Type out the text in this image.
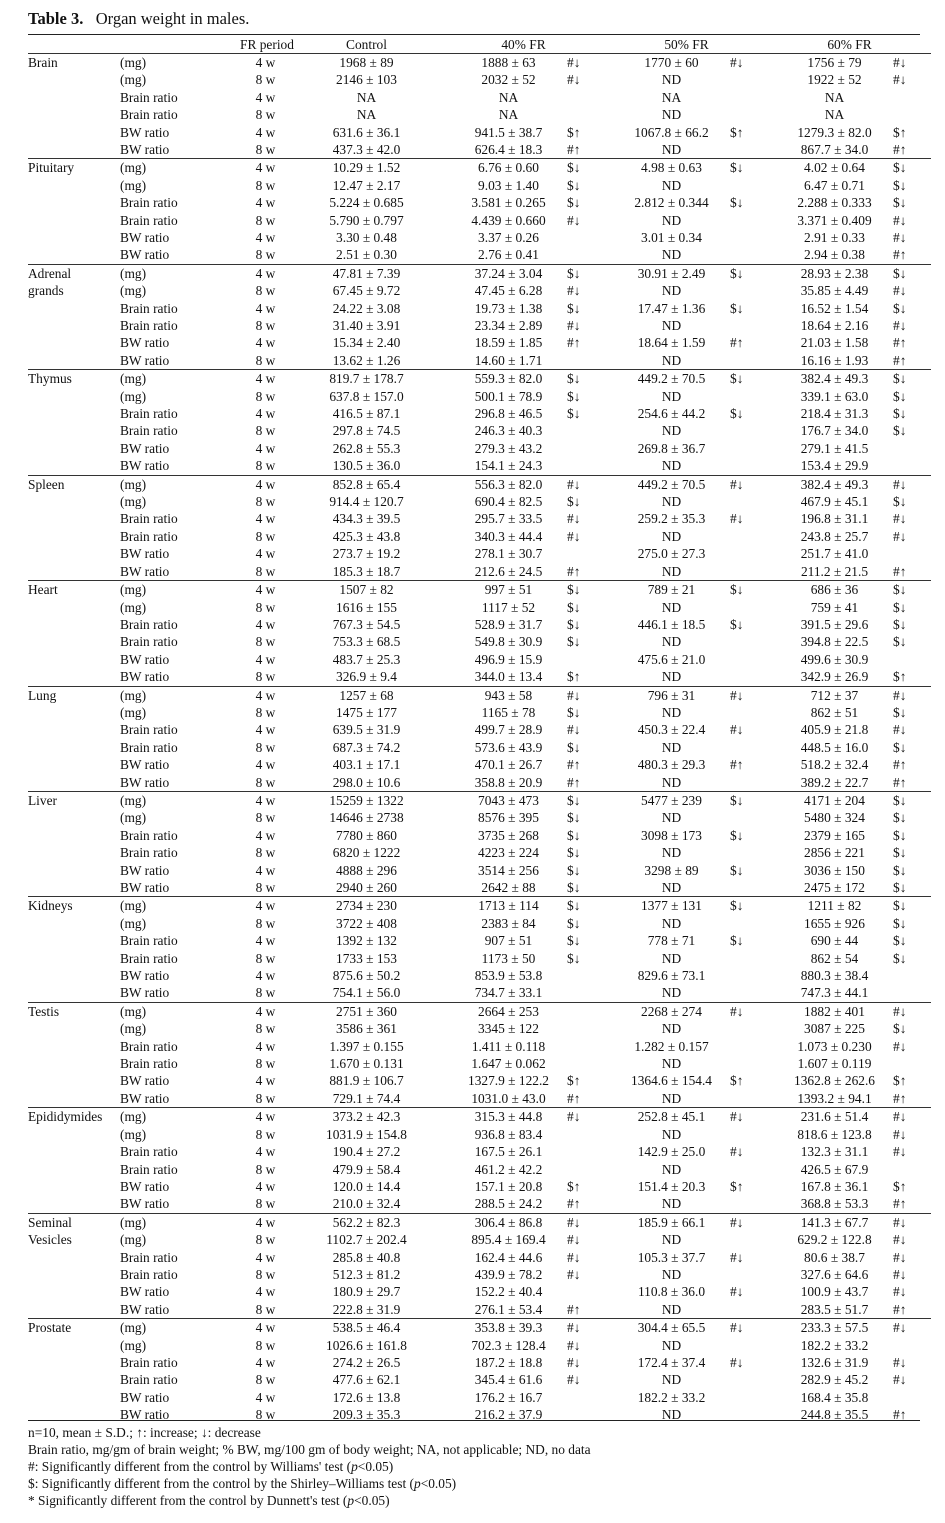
Table 3. Organ weight in males.
		FR period	Control	40% FR		50% FR		60% FR	

Brain	(mg)	4 w	1968 ± 89	1888 ± 63	#↓	1770 ± 60	#↓	1756 ± 79	#↓
	(mg)	8 w	2146 ± 103	2032 ± 52	#↓	ND		1922 ± 52	#↓
	Brain ratio	4 w	NA	NA		NA		NA	
	Brain ratio	8 w	NA	NA		ND		NA	
	BW ratio	4 w	631.6 ± 36.1	941.5 ± 38.7	$↑	1067.8 ± 66.2	$↑	1279.3 ± 82.0	$↑
	BW ratio	8 w	437.3 ± 42.0	626.4 ± 18.3	#↑	ND		867.7 ± 34.0	#↑

Pituitary	(mg)	4 w	10.29 ± 1.52	6.76 ± 0.60	$↓	4.98 ± 0.63	$↓	4.02 ± 0.64	$↓
	(mg)	8 w	12.47 ± 2.17	9.03 ± 1.40	$↓	ND		6.47 ± 0.71	$↓
	Brain ratio	4 w	5.224 ± 0.685	3.581 ± 0.265	$↓	2.812 ± 0.344	$↓	2.288 ± 0.333	$↓
	Brain ratio	8 w	5.790 ± 0.797	4.439 ± 0.660	#↓	ND		3.371 ± 0.409	#↓
	BW ratio	4 w	3.30 ± 0.48	3.37 ± 0.26		3.01 ± 0.34		2.91 ± 0.33	#↓
	BW ratio	8 w	2.51 ± 0.30	2.76 ± 0.41		ND		2.94 ± 0.38	#↑

Adrenal
grands	(mg)	4 w	47.81 ± 7.39	37.24 ± 3.04	$↓	30.91 ± 2.49	$↓	28.93 ± 2.38	$↓
	(mg)	8 w	67.45 ± 9.72	47.45 ± 6.28	#↓	ND		35.85 ± 4.49	#↓
	Brain ratio	4 w	24.22 ± 3.08	19.73 ± 1.38	$↓	17.47 ± 1.36	$↓	16.52 ± 1.54	$↓
	Brain ratio	8 w	31.40 ± 3.91	23.34 ± 2.89	#↓	ND		18.64 ± 2.16	#↓
	BW ratio	4 w	15.34 ± 2.40	18.59 ± 1.85	#↑	18.64 ± 1.59	#↑	21.03 ± 1.58	#↑
	BW ratio	8 w	13.62 ± 1.26	14.60 ± 1.71		ND		16.16 ± 1.93	#↑

Thymus	(mg)	4 w	819.7 ± 178.7	559.3 ± 82.0	$↓	449.2 ± 70.5	$↓	382.4 ± 49.3	$↓
	(mg)	8 w	637.8 ± 157.0	500.1 ± 78.9	$↓	ND		339.1 ± 63.0	$↓
	Brain ratio	4 w	416.5 ± 87.1	296.8 ± 46.5	$↓	254.6 ± 44.2	$↓	218.4 ± 31.3	$↓
	Brain ratio	8 w	297.8 ± 74.5	246.3 ± 40.3		ND		176.7 ± 34.0	$↓
	BW ratio	4 w	262.8 ± 55.3	279.3 ± 43.2		269.8 ± 36.7		279.1 ± 41.5	
	BW ratio	8 w	130.5 ± 36.0	154.1 ± 24.3		ND		153.4 ± 29.9	

Spleen	(mg)	4 w	852.8 ± 65.4	556.3 ± 82.0	#↓	449.2 ± 70.5	#↓	382.4 ± 49.3	#↓
	(mg)	8 w	914.4 ± 120.7	690.4 ± 82.5	$↓	ND		467.9 ± 45.1	$↓
	Brain ratio	4 w	434.3 ± 39.5	295.7 ± 33.5	#↓	259.2 ± 35.3	#↓	196.8 ± 31.1	#↓
	Brain ratio	8 w	425.3 ± 43.8	340.3 ± 44.4	#↓	ND		243.8 ± 25.7	#↓
	BW ratio	4 w	273.7 ± 19.2	278.1 ± 30.7		275.0 ± 27.3		251.7 ± 41.0	
	BW ratio	8 w	185.3 ± 18.7	212.6 ± 24.5	#↑	ND		211.2 ± 21.5	#↑

Heart	(mg)	4 w	1507 ± 82	997 ± 51	$↓	789 ± 21	$↓	686 ± 36	$↓
	(mg)	8 w	1616 ± 155	1117 ± 52	$↓	ND		759 ± 41	$↓
	Brain ratio	4 w	767.3 ± 54.5	528.9 ± 31.7	$↓	446.1 ± 18.5	$↓	391.5 ± 29.6	$↓
	Brain ratio	8 w	753.3 ± 68.5	549.8 ± 30.9	$↓	ND		394.8 ± 22.5	$↓
	BW ratio	4 w	483.7 ± 25.3	496.9 ± 15.9		475.6 ± 21.0		499.6 ± 30.9	
	BW ratio	8 w	326.9 ± 9.4	344.0 ± 13.4	$↑	ND		342.9 ± 26.9	$↑

Lung	(mg)	4 w	1257 ± 68	943 ± 58	#↓	796 ± 31	#↓	712 ± 37	#↓
	(mg)	8 w	1475 ± 177	1165 ± 78	$↓	ND		862 ± 51	$↓
	Brain ratio	4 w	639.5 ± 31.9	499.7 ± 28.9	#↓	450.3 ± 22.4	#↓	405.9 ± 21.8	#↓
	Brain ratio	8 w	687.3 ± 74.2	573.6 ± 43.9	$↓	ND		448.5 ± 16.0	$↓
	BW ratio	4 w	403.1 ± 17.1	470.1 ± 26.7	#↑	480.3 ± 29.3	#↑	518.2 ± 32.4	#↑
	BW ratio	8 w	298.0 ± 10.6	358.8 ± 20.9	#↑	ND		389.2 ± 22.7	#↑

Liver	(mg)	4 w	15259 ± 1322	7043 ± 473	$↓	5477 ± 239	$↓	4171 ± 204	$↓
	(mg)	8 w	14646 ± 2738	8576 ± 395	$↓	ND		5480 ± 324	$↓
	Brain ratio	4 w	7780 ± 860	3735 ± 268	$↓	3098 ± 173	$↓	2379 ± 165	$↓
	Brain ratio	8 w	6820 ± 1222	4223 ± 224	$↓	ND		2856 ± 221	$↓
	BW ratio	4 w	4888 ± 296	3514 ± 256	$↓	3298 ± 89	$↓	3036 ± 150	$↓
	BW ratio	8 w	2940 ± 260	2642 ± 88	$↓	ND		2475 ± 172	$↓

Kidneys	(mg)	4 w	2734 ± 230	1713 ± 114	$↓	1377 ± 131	$↓	1211 ± 82	$↓
	(mg)	8 w	3722 ± 408	2383 ± 84	$↓	ND		1655 ± 926	$↓
	Brain ratio	4 w	1392 ± 132	907 ± 51	$↓	778 ± 71	$↓	690 ± 44	$↓
	Brain ratio	8 w	1733 ± 153	1173 ± 50	$↓	ND		862 ± 54	$↓
	BW ratio	4 w	875.6 ± 50.2	853.9 ± 53.8		829.6 ± 73.1		880.3 ± 38.4	
	BW ratio	8 w	754.1 ± 56.0	734.7 ± 33.1		ND		747.3 ± 44.1	

Testis	(mg)	4 w	2751 ± 360	2664 ± 253		2268 ± 274	#↓	1882 ± 401	#↓
	(mg)	8 w	3586 ± 361	3345 ± 122		ND		3087 ± 225	$↓
	Brain ratio	4 w	1.397 ± 0.155	1.411 ± 0.118		1.282 ± 0.157		1.073 ± 0.230	#↓
	Brain ratio	8 w	1.670 ± 0.131	1.647 ± 0.062		ND		1.607 ± 0.119	
	BW ratio	4 w	881.9 ± 106.7	1327.9 ± 122.2	$↑	1364.6 ± 154.4	$↑	1362.8 ± 262.6	$↑
	BW ratio	8 w	729.1 ± 74.4	1031.0 ± 43.0	#↑	ND		1393.2 ± 94.1	#↑

Epididymides	(mg)	4 w	373.2 ± 42.3	315.3 ± 44.8	#↓	252.8 ± 45.1	#↓	231.6 ± 51.4	#↓
	(mg)	8 w	1031.9 ± 154.8	936.8 ± 83.4		ND		818.6 ± 123.8	#↓
	Brain ratio	4 w	190.4 ± 27.2	167.5 ± 26.1		142.9 ± 25.0	#↓	132.3 ± 31.1	#↓
	Brain ratio	8 w	479.9 ± 58.4	461.2 ± 42.2		ND		426.5 ± 67.9	
	BW ratio	4 w	120.0 ± 14.4	157.1 ± 20.8	$↑	151.4 ± 20.3	$↑	167.8 ± 36.1	$↑
	BW ratio	8 w	210.0 ± 32.4	288.5 ± 24.2	#↑	ND		368.8 ± 53.3	#↑

Seminal
Vesicles	(mg)	4 w	562.2 ± 82.3	306.4 ± 86.8	#↓	185.9 ± 66.1	#↓	141.3 ± 67.7	#↓
	(mg)	8 w	1102.7 ± 202.4	895.4 ± 169.4	#↓	ND		629.2 ± 122.8	#↓
	Brain ratio	4 w	285.8 ± 40.8	162.4 ± 44.6	#↓	105.3 ± 37.7	#↓	80.6 ± 38.7	#↓
	Brain ratio	8 w	512.3 ± 81.2	439.9 ± 78.2	#↓	ND		327.6 ± 64.6	#↓
	BW ratio	4 w	180.9 ± 29.7	152.2 ± 40.4		110.8 ± 36.0	#↓	100.9 ± 43.7	#↓
	BW ratio	8 w	222.8 ± 31.9	276.1 ± 53.4	#↑	ND		283.5 ± 51.7	#↑

Prostate	(mg)	4 w	538.5 ± 46.4	353.8 ± 39.3	#↓	304.4 ± 65.5	#↓	233.3 ± 57.5	#↓
	(mg)	8 w	1026.6 ± 161.8	702.3 ± 128.4	#↓	ND		182.2 ± 33.2	
	Brain ratio	4 w	274.2 ± 26.5	187.2 ± 18.8	#↓	172.4 ± 37.4	#↓	132.6 ± 31.9	#↓
	Brain ratio	8 w	477.6 ± 62.1	345.4 ± 61.6	#↓	ND		282.9 ± 45.2	#↓
	BW ratio	4 w	172.6 ± 13.8	176.2 ± 16.7		182.2 ± 33.2		168.4 ± 35.8	
	BW ratio	8 w	209.3 ± 35.3	216.2 ± 37.9		ND		244.8 ± 35.5	#↑
n=10, mean ± S.D.; ↑: increase; ↓: decrease
Brain ratio, mg/gm of brain weight; % BW, mg/100 gm of body weight; NA, not applicable; ND, no data
#: Significantly different from the control by Williams' test (p<0.05)
$: Significantly different from the control by the Shirley–Williams test (p<0.05)
* Significantly different from the control by Dunnett's test (p<0.05)
